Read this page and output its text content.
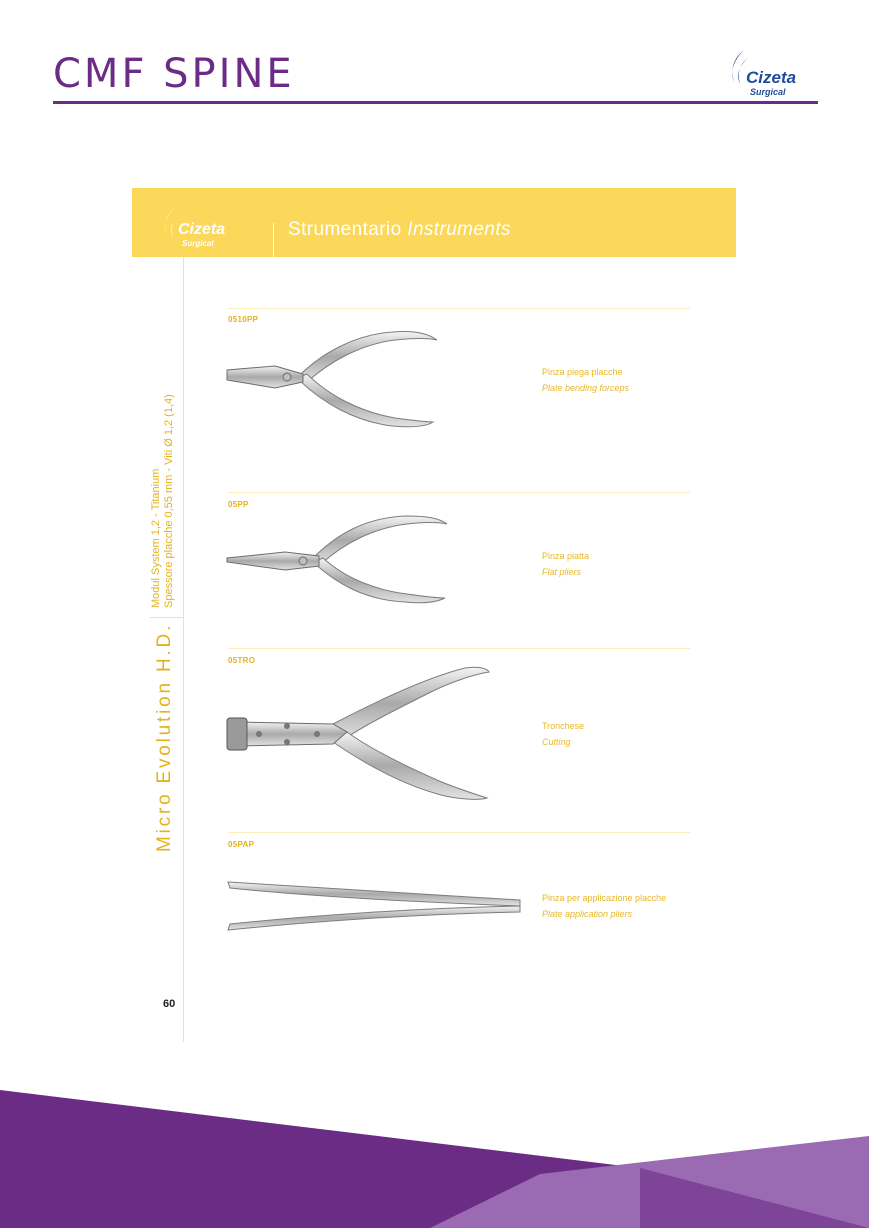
CMF SPINE	Cizeta
Surgical
Cizeta
Surgical
Strumentario Instruments
Modul System 1,2 - Titanium Spessore placche 0,55 mm - Viti Ø 1,2 (1,4)
Micro Evolution H.D.
60
0510PP
Pinza piega placche
Plate bending forceps
05PP
Pinza piatta
Flat pliers
05TRO
Tronchese
Cutting
05PAP
Pinza per applicazione placche
Plate application pliers
